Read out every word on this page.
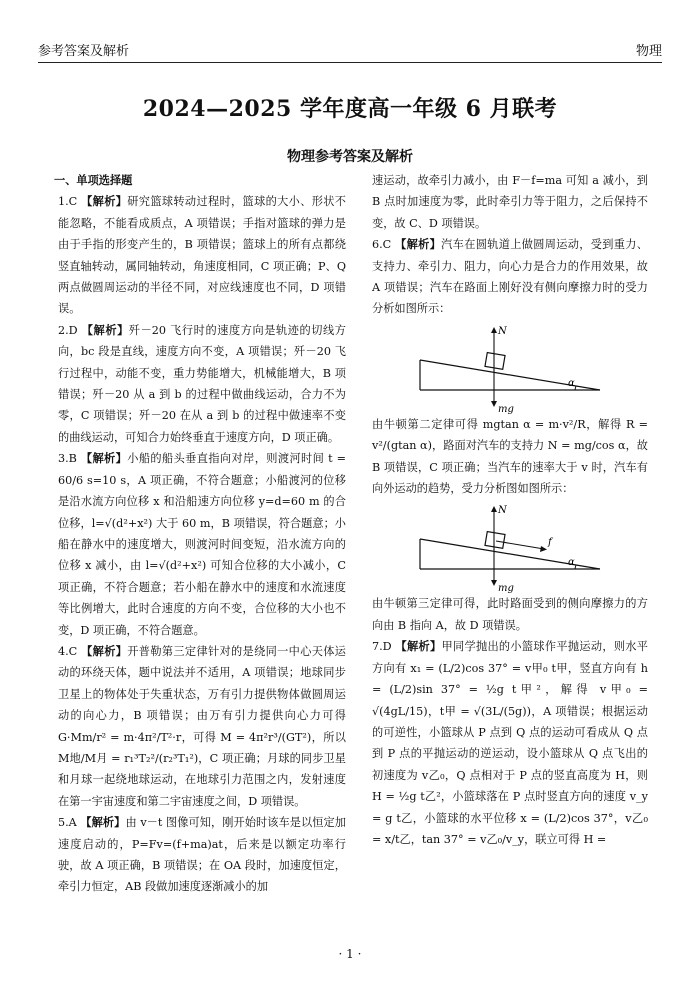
参考答案及解析	物理
2024—2025 学年度高一年级 6 月联考
物理参考答案及解析
一、单项选择题

1.C 【解析】研究篮球转动过程时，篮球的大小、形状不能忽略，不能看成质点，A 项错误；手指对篮球的弹力是由于手指的形变产生的，B 项错误；篮球上的所有点都绕竖直轴转动，属同轴转动，角速度相同，C 项正确；P、Q 两点做圆周运动的半径不同，对应线速度也不同，D 项错误。

2.D 【解析】歼－20 飞行时的速度方向是轨迹的切线方向，bc 段是直线，速度方向不变，A 项错误；歼－20 飞行过程中，动能不变，重力势能增大，机械能增大，B 项错误；歼－20 从 a 到 b 的过程中做曲线运动，合力不为零，C 项错误；歼－20 在从 a 到 b 的过程中做速率不变的曲线运动，可知合力始终垂直于速度方向，D 项正确。

3.B 【解析】小船的船头垂直指向对岸，则渡河时间 t = 60/6 s=10 s，A 项正确，不符合题意；小船渡河的位移是沿水流方向位移 x 和沿船速方向位移 y=d=60 m 的合位移，l=√(d²+x²) 大于 60 m，B 项错误，符合题意；小船在静水中的速度增大，则渡河时间变短，沿水流方向的位移 x 减小，由 l=√(d²+x²) 可知合位移的大小减小，C 项正确，不符合题意；若小船在静水中的速度和水流速度等比例增大，此时合速度的方向不变，合位移的大小也不变，D 项正确，不符合题意。

4.C 【解析】开普勒第三定律针对的是绕同一中心天体运动的环绕天体，题中说法并不适用，A 项错误；地球同步卫星上的物体处于失重状态，万有引力提供物体做圆周运动的向心力，B 项错误；由万有引力提供向心力可得 G·Mm/r² = m·4π²/T²·r，可得 M = 4π²r³/(GT²)，所以 M地/M月 = r₁³T₂²/(r₂³T₁²)，C 项正确；月球的同步卫星和月球一起绕地球运动，在地球引力范围之内，发射速度在第一宇宙速度和第二宇宙速度之间，D 项错误。

5.A 【解析】由 v－t 图像可知，刚开始时该车是以恒定加速度启动的，P=Fv=(f+ma)at，后来是以额定功率行驶，故 A 项正确，B 项错误；在 OA 段时，加速度恒定，牵引力恒定，AB 段做加速度逐渐减小的加

速运动，故牵引力减小，由 F－f=ma 可知 a 减小，到 B 点时加速度为零，此时牵引力等于阻力，之后保持不变，故 C、D 项错误。

6.C 【解析】汽车在圆轨道上做圆周运动，受到重力、支持力、牵引力、阻力，向心力是合力的作用效果，故 A 项错误；汽车在路面上刚好没有侧向摩擦力时的受力分析如图所示：

N
mg
α

由牛顿第二定律可得 mgtan α = m·v²/R，解得 R = v²/(gtan α)，路面对汽车的支持力 N = mg/cos α，故 B 项错误，C 项正确；当汽车的速率大于 v 时，汽车有向外运动的趋势，受力分析图如图所示：

N
mg
f
α

由牛顿第三定律可得，此时路面受到的侧向摩擦力的方向由 B 指向 A，故 D 项错误。

7.D 【解析】甲同学抛出的小篮球作平抛运动，则水平方向有 x₁ = (L/2)cos 37° = v甲₀ t甲，竖直方向有 h = (L/2)sin 37° = ½g t甲²，解得 v甲₀ = √(4gL/15)，t甲 = √(3L/(5g))，A 项错误；根据运动的可逆性，小篮球从 P 点到 Q 点的运动可看成从 Q 点到 P 点的平抛运动的逆运动，设小篮球从 Q 点飞出的初速度为 v乙₀，Q 点相对于 P 点的竖直高度为 H，则 H = ½g t乙²，小篮球落在 P 点时竖直方向的速度 v_y = g t乙，小篮球的水平位移 x = (L/2)cos 37°，v乙₀ = x/t乙，tan 37° = v乙₀/v_y，联立可得 H =

· 1 ·
